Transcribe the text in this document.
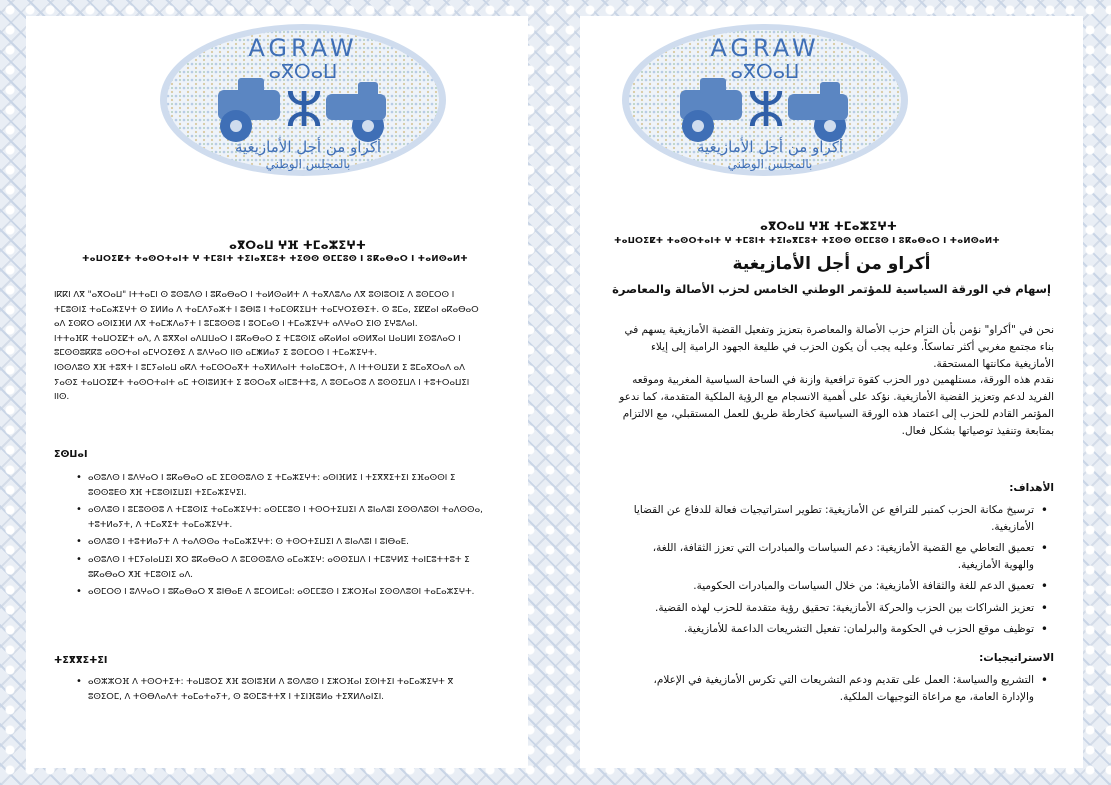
AGRAW
ⴰⴳⵔⴰⵡ
ⵣ
أكراو من أجل الأمازيغية
بالمجلس الوطني
ⴰⴳⵔⴰⵡ ⵖⴼ ⵜⵎⴰⵣⵉⵖⵜ
ⵜⴰⵡⵔⵉⵇⵜ ⵜⴰⵙⵔⵜⴰⵏⵜ ⵖ ⵜⵎⵓⵏⵜ ⵜⵉⵏⴰⴳⵎⵓⵜ ⵜⵉⵙⵙ ⵙⵎⵎⵓⵙ ⵏ ⵓⴽⴰⴱⴰⵔ ⵏ ⵜⴰⵍⵙⴰⵍⵜ

ⵏⴽⴽⵏ ⴷⴳ "ⴰⴳⵔⴰⵡ" ⵏⵜⵜⴰⵎⵏ ⵙ ⵓⵙⵓⴷⵙ ⵏ ⵓⴽⴰⴱⴰⵔ ⵏ ⵜⴰⵍⵙⴰⵍⵜ ⴷ ⵜⴰⴳⴷⵓⴷⴰ ⴷⴳ ⵓⵙⵏⵓⵔⵏⵉ ⴷ ⵓⵙⵎⵔⵙ ⵏ ⵜⵎⵓⵙⵏⵉ ⵜⴰⵎⴰⵣⵉⵖⵜ ⵙ ⵉⵍⵍⴰ ⴷ ⵜⴰⵎⴷⵢⴰⵣⵜ ⵏ ⵓⴱⵏⵓ ⵏ ⵜⴰⵎⵙⴽⵉⵡⵜ ⵜⴰⵎⵖⵔⵉⴱⵉⵜ. ⵙ ⵓⵎⴰ, ⵉⵇⵇⴰⵏ ⴰⴽⴰⴱⴰⵔ ⴰⴷ ⵉⵙⴽⵔ ⴰⵙⵏⵉⴼⵍ ⴷⴳ ⵜⴰⵎⵣⴷⴰⵢⵜ ⵏ ⵓⵎⵓⵙⵙⵓ ⵏ ⵓⵔⵎⴰⵙ ⵏ ⵜⵎⴰⵣⵉⵖⵜ ⴰⴷⵖⴰⵔ ⵉⵏⵙ ⵉⵖⵓⴷⴰⵏ.

ⵏⵜⵜⴰⴼⴽ ⵜⴰⵡⵔⵉⵇⵜ ⴰⴷ, ⴷ ⵓⴳⴳⴰⵏ ⴰⴷⵡⵡⴰⵔ ⵏ ⵓⴽⴰⴱⴰⵔ ⵉ ⵜⵎⵓⵙⵏⵉ ⴰⴽⴰⵍⴰⵏ ⴰⵙⵍⴳⴰⵏ ⵡⴰⵡⵍⵏ ⵉⵙⵓⴷⴰⵔ ⵏ ⵓⵎⵙⵙⵓⴽⴽⵓ ⴰⵙⵔⵜⴰⵏ ⴰⵎⵖⵔⵉⴱⵉ ⴷ ⵓⴷⵖⴰⵔ ⵏⵏⵙ ⴰⵎⵥⵍⴰⵢ ⵉ ⵓⵙⵎⵔⵙ ⵏ ⵜⵎⴰⵣⵉⵖⵜ.

ⵏⵙⵙⴷⵓⵙ ⵅⴼ ⵜⵓⴳⵜ ⵏ ⵓⵎⵢⴰⵏⴰⵡ ⴰⴽⴷ ⵜⴰⵎⵙⵔⴰⴳⵜ ⵜⴰⴳⵍⴷⴰⵏⵜ ⵜⴰⵏⴰⵎⵓⵔⵜ, ⴷ ⵏⵜⵜⵙⵡⵉⵍ ⵉ ⵓⵎⴰⴳⵔⴰⴷ ⴰⴷ ⵢⴰⵙⵉ ⵜⴰⵡⵔⵉⵇⵜ ⵜⴰⵙⵔⵜⴰⵏⵜ ⴰⵎ ⵜⵙⵏⵓⵍⴼⵜ ⵉ ⵓⵙⵔⴰⴳ ⴰⵏⵎⵓⵜⵜⵓ, ⴷ ⵓⵙⵎⴰⵔⵓ ⴷ ⵓⵙⵙⵉⵡⴷ ⵏ ⵜⵓⵜⵔⴰⵡⵉⵏ ⵏⵏⵙ.

ⵉⵙⵡⴰⵏ
• ⴰⵙⵓⴷⵙ ⵏ ⵓⴷⵖⴰⵔ ⵏ ⵓⴽⴰⴱⴰⵔ ⴰⵎ ⵉⵎⵙⵙⵓⴷⵙ ⵉ ⵜⵎⴰⵣⵉⵖⵜ: ⴰⵙⵏⴼⵍⵉ ⵏ ⵜⵉⴳⴳⵉⵜⵉⵏ ⵉⴼⴰⵙⵙⵏ ⵉ ⵓⵙⵙⵓⴹⵙ ⵅⴼ ⵜⵎⵓⵙⵏⵉⵡⵉⵏ ⵜⵉⵎⴰⵣⵉⵖⵉⵏ.
• ⴰⵙⴷⵓⵙ ⵏ ⵓⵎⵓⵙⵙⵓ ⴷ ⵜⵎⵓⵙⵏⵉ ⵜⴰⵎⴰⵣⵉⵖⵜ: ⴰⵙⵎⵎⵓⵙ ⵏ ⵜⵙⵔⵜⵉⵡⵉⵏ ⴷ ⵓⵏⴰⴷⵓⵏ ⵉⵙⵙⴷⵓⵙⵏ ⵜⴰⴷⵙⵙⴰ, ⵜⵓⵜⵍⴰⵢⵜ, ⴷ ⵜⵎⴰⴳⵉⵜ ⵜⴰⵎⴰⵣⵉⵖⵜ.
• ⴰⵙⴷⵓⵙ ⵏ ⵜⵓⵜⵍⴰⵢⵜ ⴷ ⵜⴰⴷⵙⵙⴰ ⵜⴰⵎⴰⵣⵉⵖⵜ: ⵙ ⵜⵙⵔⵜⵉⵡⵉⵏ ⴷ ⵓⵏⴰⴷⵓⵏ ⵏ ⵓⵏⴱⴰⴹ.
• ⴰⵙⵓⴷⵙ ⵏ ⵜⵎⵢⴰⵏⴰⵡⵉⵏ ⴳⵔ ⵓⴽⴰⴱⴰⵔ ⴷ ⵓⵎⵙⵙⵓⴷⵙ ⴰⵎⴰⵣⵉⵖ: ⴰⵙⵙⵉⵡⴷ ⵏ ⵜⵎⵓⵖⵍⵉ ⵜⴰⵏⵎⵓⵜⵜⵓⵜ ⵉ ⵓⴽⴰⴱⴰⵔ ⵅⴼ ⵜⵎⵓⵙⵏⵉ ⴰⴷ.
• ⴰⵙⵎⵔⵙ ⵏ ⵓⴷⵖⴰⵔ ⵏ ⵓⴽⴰⴱⴰⵔ ⴳ ⵓⵏⴱⴰⴹ ⴷ ⵓⵎⵔⵍⵎⴰⵏ: ⴰⵙⵎⵎⵓⵙ ⵏ ⵉⵣⵔⴼⴰⵏ ⵉⵙⵙⴷⵓⵙⵏ ⵜⴰⵎⴰⵣⵉⵖⵜ.
ⵜⵉⴳⴳⵉⵜⵉⵏ
• ⴰⵙⵣⵣⵔⴼ ⴷ ⵜⵙⵔⵜⵉⵜ: ⵜⴰⵡⵓⵔⵉ ⵅⴼ ⵓⵙⵏⵓⴼⵍ ⴷ ⵓⵙⴷⵓⵙ ⵏ ⵉⵣⵔⴼⴰⵏ ⵉⵙⵏⵜⵉⵏ ⵜⴰⵎⴰⵣⵉⵖⵜ ⴳ ⵓⵙⵉⵔⵎ, ⴷ ⵜⵙⴱⴷⴰⴷⵜ ⵜⴰⵎⴰⵜⴰⵢⵜ, ⵙ ⵓⵙⵎⵓⵜⵜⴳ ⵏ ⵜⵉⵏⴼⵓⵍⴰ ⵜⵉⴳⵍⴷⴰⵏⵉⵏ.
AGRAW
ⴰⴳⵔⴰⵡ
ⵣ
أكراو من أجل الأمازيغية
بالمجلس الوطني
ⴰⴳⵔⴰⵡ ⵖⴼ ⵜⵎⴰⵣⵉⵖⵜ
ⵜⴰⵡⵔⵉⵇⵜ ⵜⴰⵙⵔⵜⴰⵏⵜ ⵖ ⵜⵎⵓⵏⵜ ⵜⵉⵏⴰⴳⵎⵓⵜ ⵜⵉⵙⵙ ⵙⵎⵎⵓⵙ ⵏ ⵓⴽⴰⴱⴰⵔ ⵏ ⵜⴰⵍⵙⴰⵍⵜ
أكراو من أجل الأمازيغية
إسهام في الورقة السياسية للمؤتمر الوطني الخامس لحزب الأصالة والمعاصرة

نحن في "أكراو" نؤمن بأن التزام حزب الأصالة والمعاصرة بتعزيز وتفعيل القضية الأمازيغية يسهم في بناء مجتمع مغربي أكثر تماسكاً. وعليه يجب أن يكون الحزب في طليعة الجهود الرامية إلى إيلاء الأمازيغية مكانتها المستحقة.

نقدم هذه الورقة، مستلهمين دور الحزب كقوة ترافعية وازنة في الساحة السياسية المغربية وموقعه الفريد لدعم وتعزيز القضية الأمازيغية. نؤكد على أهمية الانسجام مع الرؤية الملكية المتقدمة، كما ندعو المؤتمر القادم للحزب إلى اعتماد هذه الورقة السياسية كخارطة طريق للعمل المستقبلي، مع الالتزام بمتابعة وتنفيذ توصياتها بشكل فعال.

الأهداف:
• ترسيخ مكانة الحزب كمنبر للترافع عن الأمازيغية: تطوير استراتيجيات فعالة للدفاع عن القضايا الأمازيغية.
• تعميق التعاطي مع القضية الأمازيغية: دعم السياسات والمبادرات التي تعزز الثقافة، اللغة، والهوية الأمازيغية.
• تعميق الدعم للغة والثقافة الأمازيغية: من خلال السياسات والمبادرات الحكومية.
• تعزيز الشراكات بين الحزب والحركة الأمازيغية: تحقيق رؤية متقدمة للحزب لهذه القضية.
• توظيف موقع الحزب في الحكومة والبرلمان: تفعيل التشريعات الداعمة للأمازيغية.
الاستراتيجيات:
• التشريع والسياسة: العمل على تقديم ودعم التشريعات التي تكرس الأمازيغية في الإعلام، والإدارة العامة، مع مراعاة التوجيهات الملكية.
